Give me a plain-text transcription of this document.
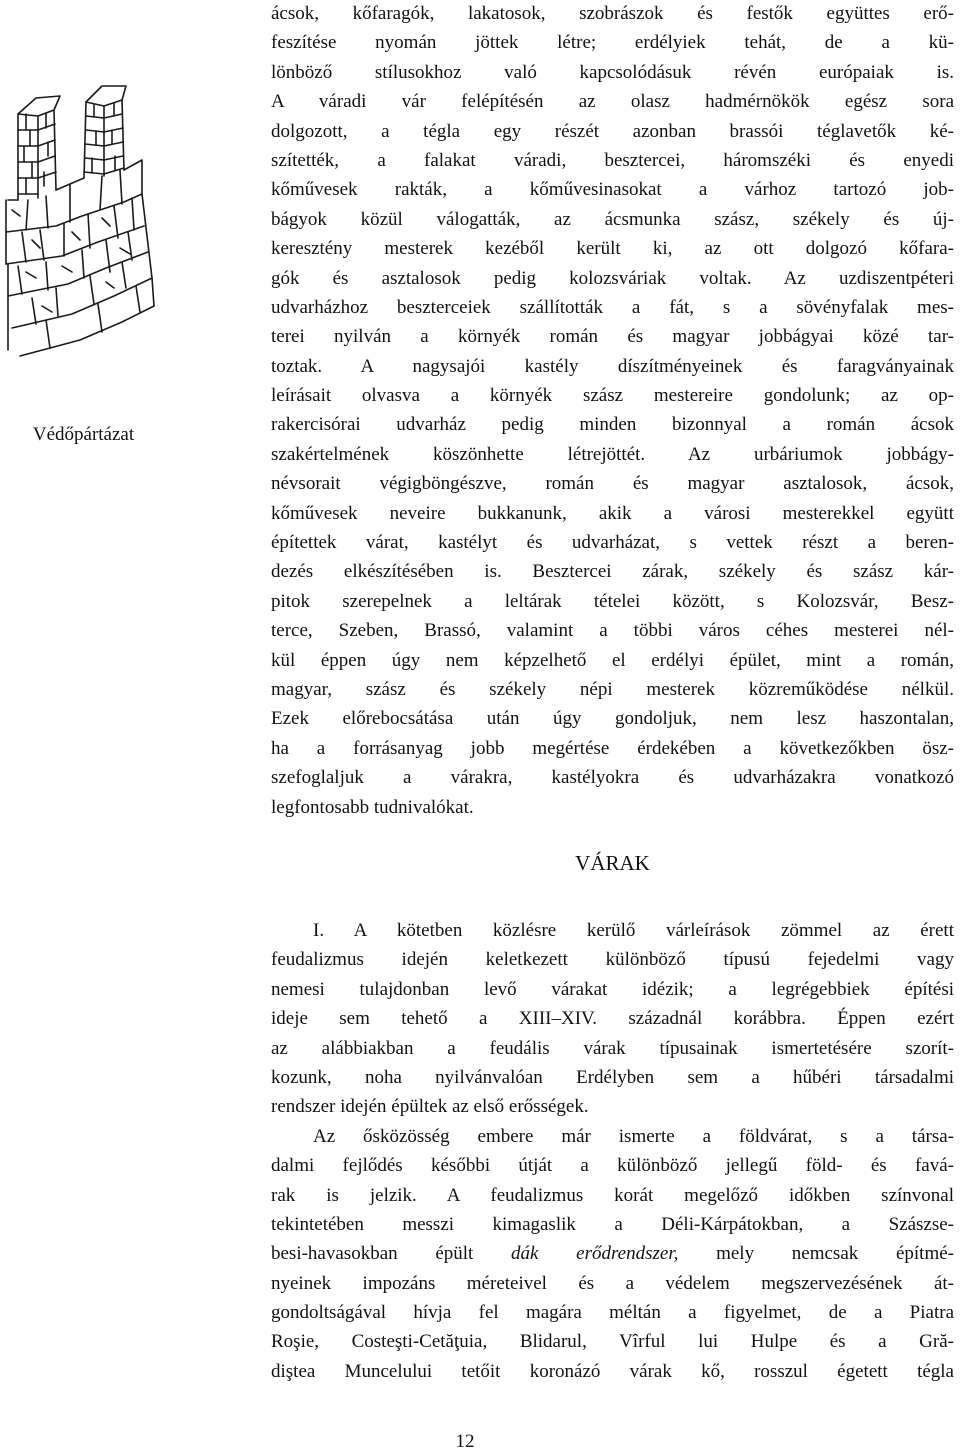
Védőpártázat
ácsok, kőfaragók, lakatosok, szobrászok és festők együttes erő-
feszítése nyomán jöttek létre; erdélyiek tehát, de a kü-
lönböző stílusokhoz való kapcsolódásuk révén európaiak is.
A váradi vár felépítésén az olasz hadmérnökök egész sora
dolgozott, a tégla egy részét azonban brassói téglavetők ké-
szítették, a falakat váradi, besztercei, háromszéki és enyedi
kőművesek rakták, a kőművesinasokat a várhoz tartozó job-
bágyok közül válogatták, az ácsmunka szász, székely és új-
keresztény mesterek kezéből került ki, az ott dolgozó kőfara-
gók és asztalosok pedig kolozsváriak voltak. Az uzdiszentpéteri
udvarházhoz beszterceiek szállították a fát, s a sövényfalak mes-
terei nyilván a környék román és magyar jobbágyai közé tar-
toztak. A nagysajói kastély díszítményeinek és faragványainak
leírásait olvasva a környék szász mestereire gondolunk; az op-
rakercisórai udvarház pedig minden bizonnyal a román ácsok
szakértelmének köszönhette létrejöttét. Az urbáriumok jobbágy-
névsorait végigböngészve, román és magyar asztalosok, ácsok,
kőművesek neveire bukkanunk, akik a városi mesterekkel együtt
építettek várat, kastélyt és udvarházat, s vettek részt a beren-
dezés elkészítésében is. Besztercei zárak, székely és szász kár-
pitok szerepelnek a leltárak tételei között, s Kolozsvár, Besz-
terce, Szeben, Brassó, valamint a többi város céhes mesterei nél-
kül éppen úgy nem képzelhető el erdélyi épület, mint a román,
magyar, szász és székely népi mesterek közreműködése nélkül.
Ezek előrebocsátása után úgy gondoljuk, nem lesz haszontalan,
ha a forrásanyag jobb megértése érdekében a következőkben ösz-
szefoglaljuk a várakra, kastélyokra és udvarházakra vonatkozó
legfontosabb tudnivalókat.
VÁRAK
I. A kötetben közlésre kerülő várleírások zömmel az érett
feudalizmus idején keletkezett különböző típusú fejedelmi vagy
nemesi tulajdonban levő várakat idézik; a legrégebbiek építési
ideje sem tehető a XIII–XIV. századnál korábbra. Éppen ezért
az alábbiakban a feudális várak típusainak ismertetésére szorít-
kozunk, noha nyilvánvalóan Erdélyben sem a hűbéri társadalmi
rendszer idején épültek az első erősségek.
Az ősközösség embere már ismerte a földvárat, s a társa-
dalmi fejlődés későbbi útját a különböző jellegű föld- és favá-
rak is jelzik. A feudalizmus korát megelőző időkben színvonal
tekintetében messzi kimagaslik a Déli-Kárpátokban, a Szászse-
besi-havasokban épült dák erődrendszer, mely nemcsak építmé-
nyeinek impozáns méreteivel és a védelem megszervezésének át-
gondoltságával hívja fel magára méltán a figyelmet, de a Piatra
Roşie, Costeşti-Cetăţuia, Blidarul, Vîrful lui Hulpe és a Gră-
diştea Muncelului tetőit koronázó várak kő, rosszul égetett tégla
12
